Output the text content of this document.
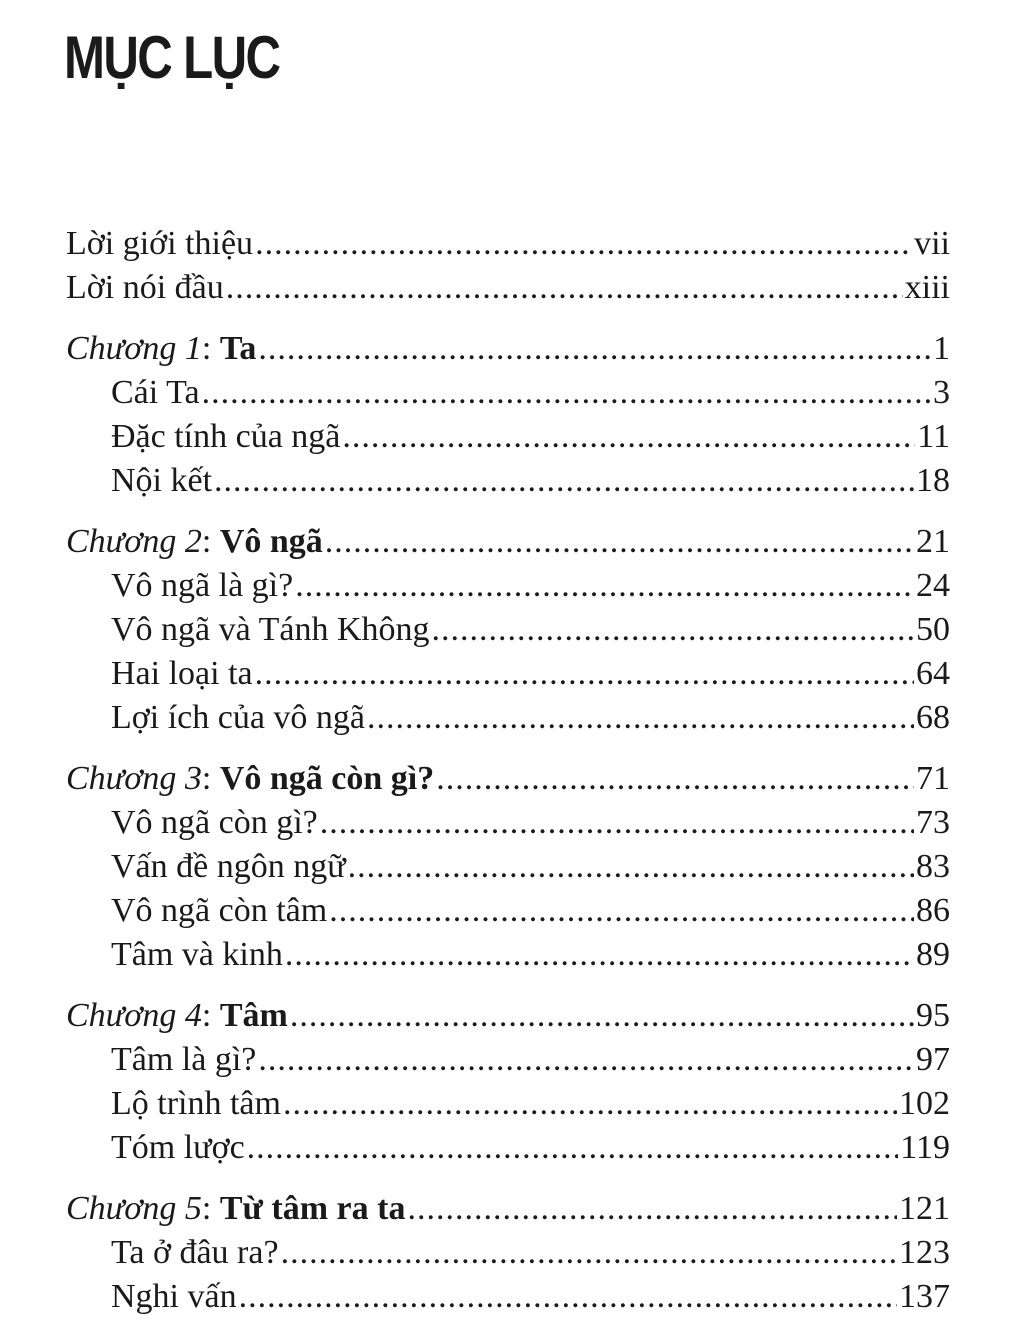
MỤC LỤC
Lời giới thiệu .....	vii
Lời nói đầu .....	xiii
Chương 1: Ta .....	1
Cái Ta .....	3
Đặc tính của ngã .....	11
Nội kết .....	18
Chương 2: Vô ngã .....	21
Vô ngã là gì? .....	24
Vô ngã và Tánh Không .....	50
Hai loại ta .....	64
Lợi ích của vô ngã .....	68
Chương 3: Vô ngã còn gì? .....	71
Vô ngã còn gì? .....	73
Vấn đề ngôn ngữ .....	83
Vô ngã còn tâm .....	86
Tâm và kinh .....	89
Chương 4: Tâm .....	95
Tâm là gì? .....	97
Lộ trình tâm .....	102
Tóm lược .....	119
Chương 5: Từ tâm ra ta .....	121
Ta ở đâu ra? .....	123
Nghi vấn .....	137
